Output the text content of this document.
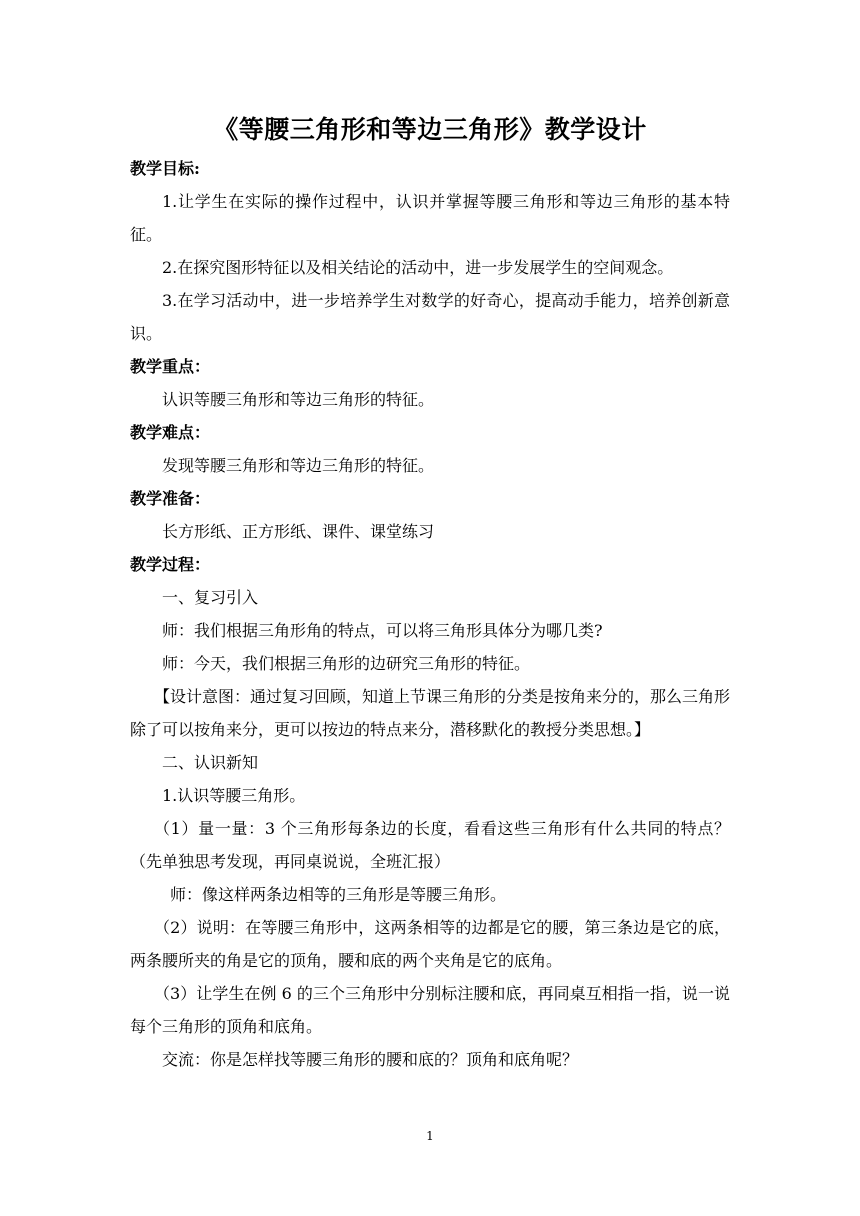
《等腰三角形和等边三角形》教学设计

教学目标:

1.让学生在实际的操作过程中，认识并掌握等腰三角形和等边三角形的基本特征。

2.在探究图形特征以及相关结论的活动中，进一步发展学生的空间观念。

3.在学习活动中，进一步培养学生对数学的好奇心，提高动手能力，培养创新意识。

教学重点：

认识等腰三角形和等边三角形的特征。

教学难点：

发现等腰三角形和等边三角形的特征。

教学准备：

长方形纸、正方形纸、课件、课堂练习

教学过程：

一、复习引入

师：我们根据三角形角的特点，可以将三角形具体分为哪几类?

师：今天，我们根据三角形的边研究三角形的特征。

【设计意图：通过复习回顾，知道上节课三角形的分类是按角来分的，那么三角形除了可以按角来分，更可以按边的特点来分，潜移默化的教授分类思想。】

二、认识新知

1.认识等腰三角形。

（1）量一量：3 个三角形每条边的长度，看看这些三角形有什么共同的特点？（先单独思考发现，再同桌说说，全班汇报）

师：像这样两条边相等的三角形是等腰三角形。

（2）说明：在等腰三角形中，这两条相等的边都是它的腰，第三条边是它的底，两条腰所夹的角是它的顶角，腰和底的两个夹角是它的底角。

（3）让学生在例 6 的三个三角形中分别标注腰和底，再同桌互相指一指，说一说每个三角形的顶角和底角。

交流：你是怎样找等腰三角形的腰和底的？顶角和底角呢？

1
